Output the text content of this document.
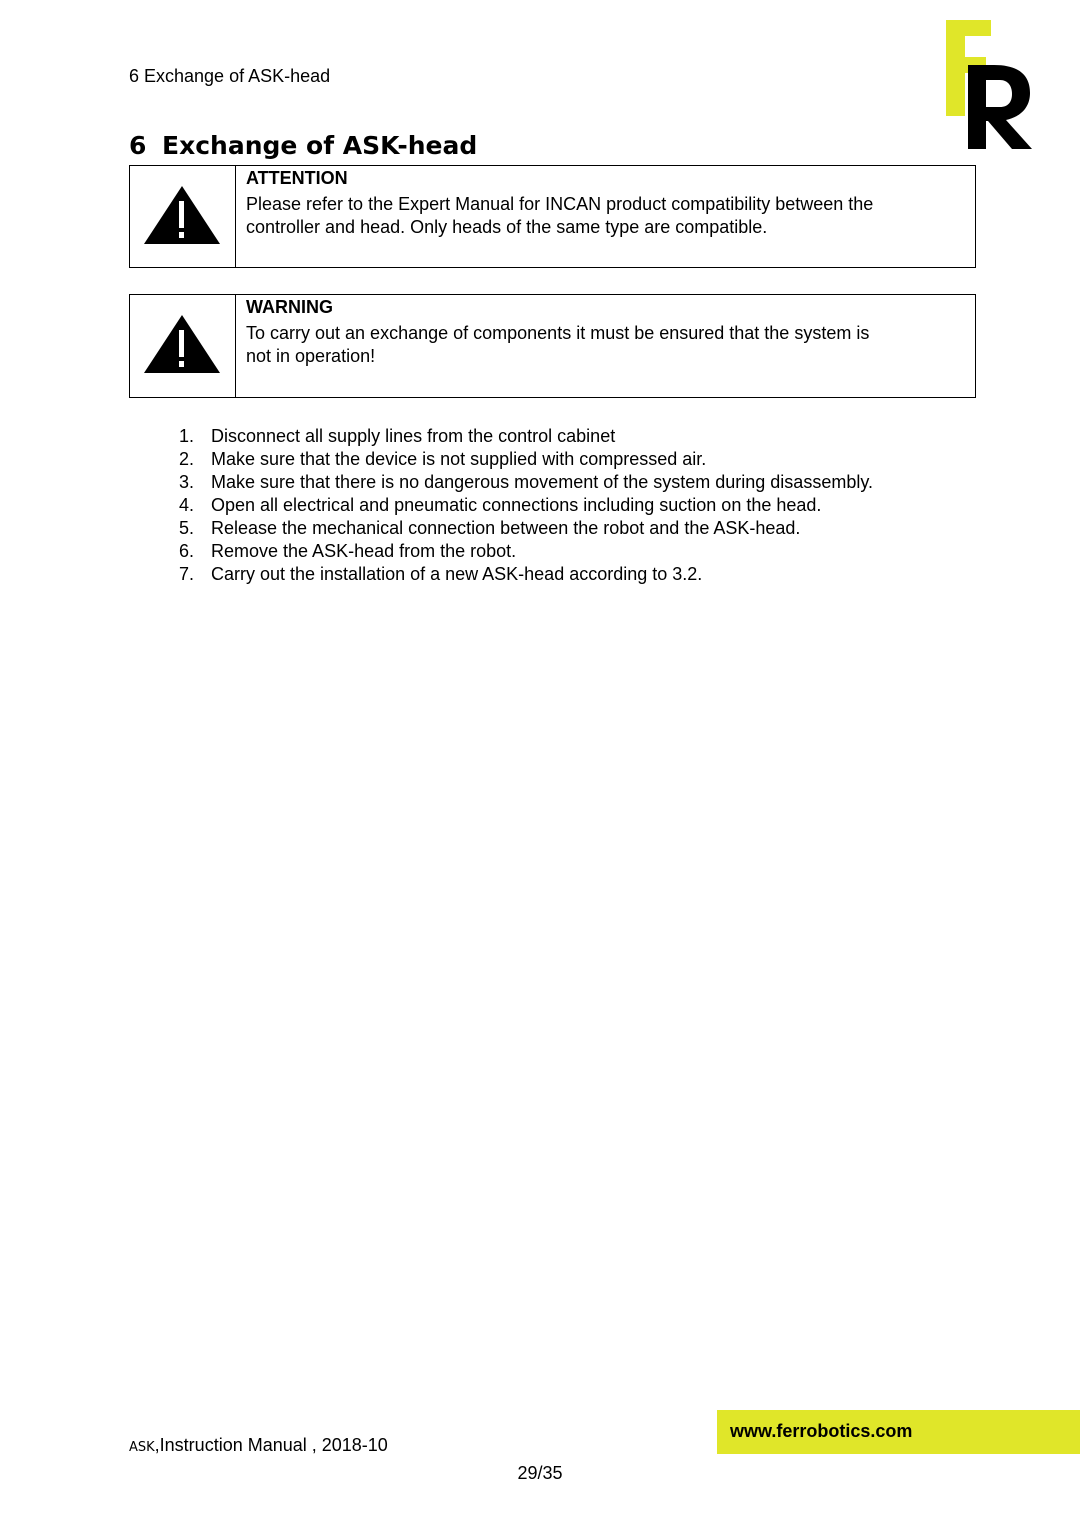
6 Exchange of ASK-head
6 Exchange of ASK-head
ATTENTION
Please refer to the Expert Manual for INCAN product compatibility between the
controller and head. Only heads of the same type are compatible.
WARNING
To carry out an exchange of components it must be ensured that the system is
not in operation!
1. Disconnect all supply lines from the control cabinet
2. Make sure that the device is not supplied with compressed air.
3. Make sure that there is no dangerous movement of the system during disassembly.
4. Open all electrical and pneumatic connections including suction on the head.
5. Release the mechanical connection between the robot and the ASK-head.
6. Remove the ASK-head from the robot.
7. Carry out the installation of a new ASK-head according to 3.2.
www.ferrobotics.com
ASK,Instruction Manual , 2018-10
29/35
